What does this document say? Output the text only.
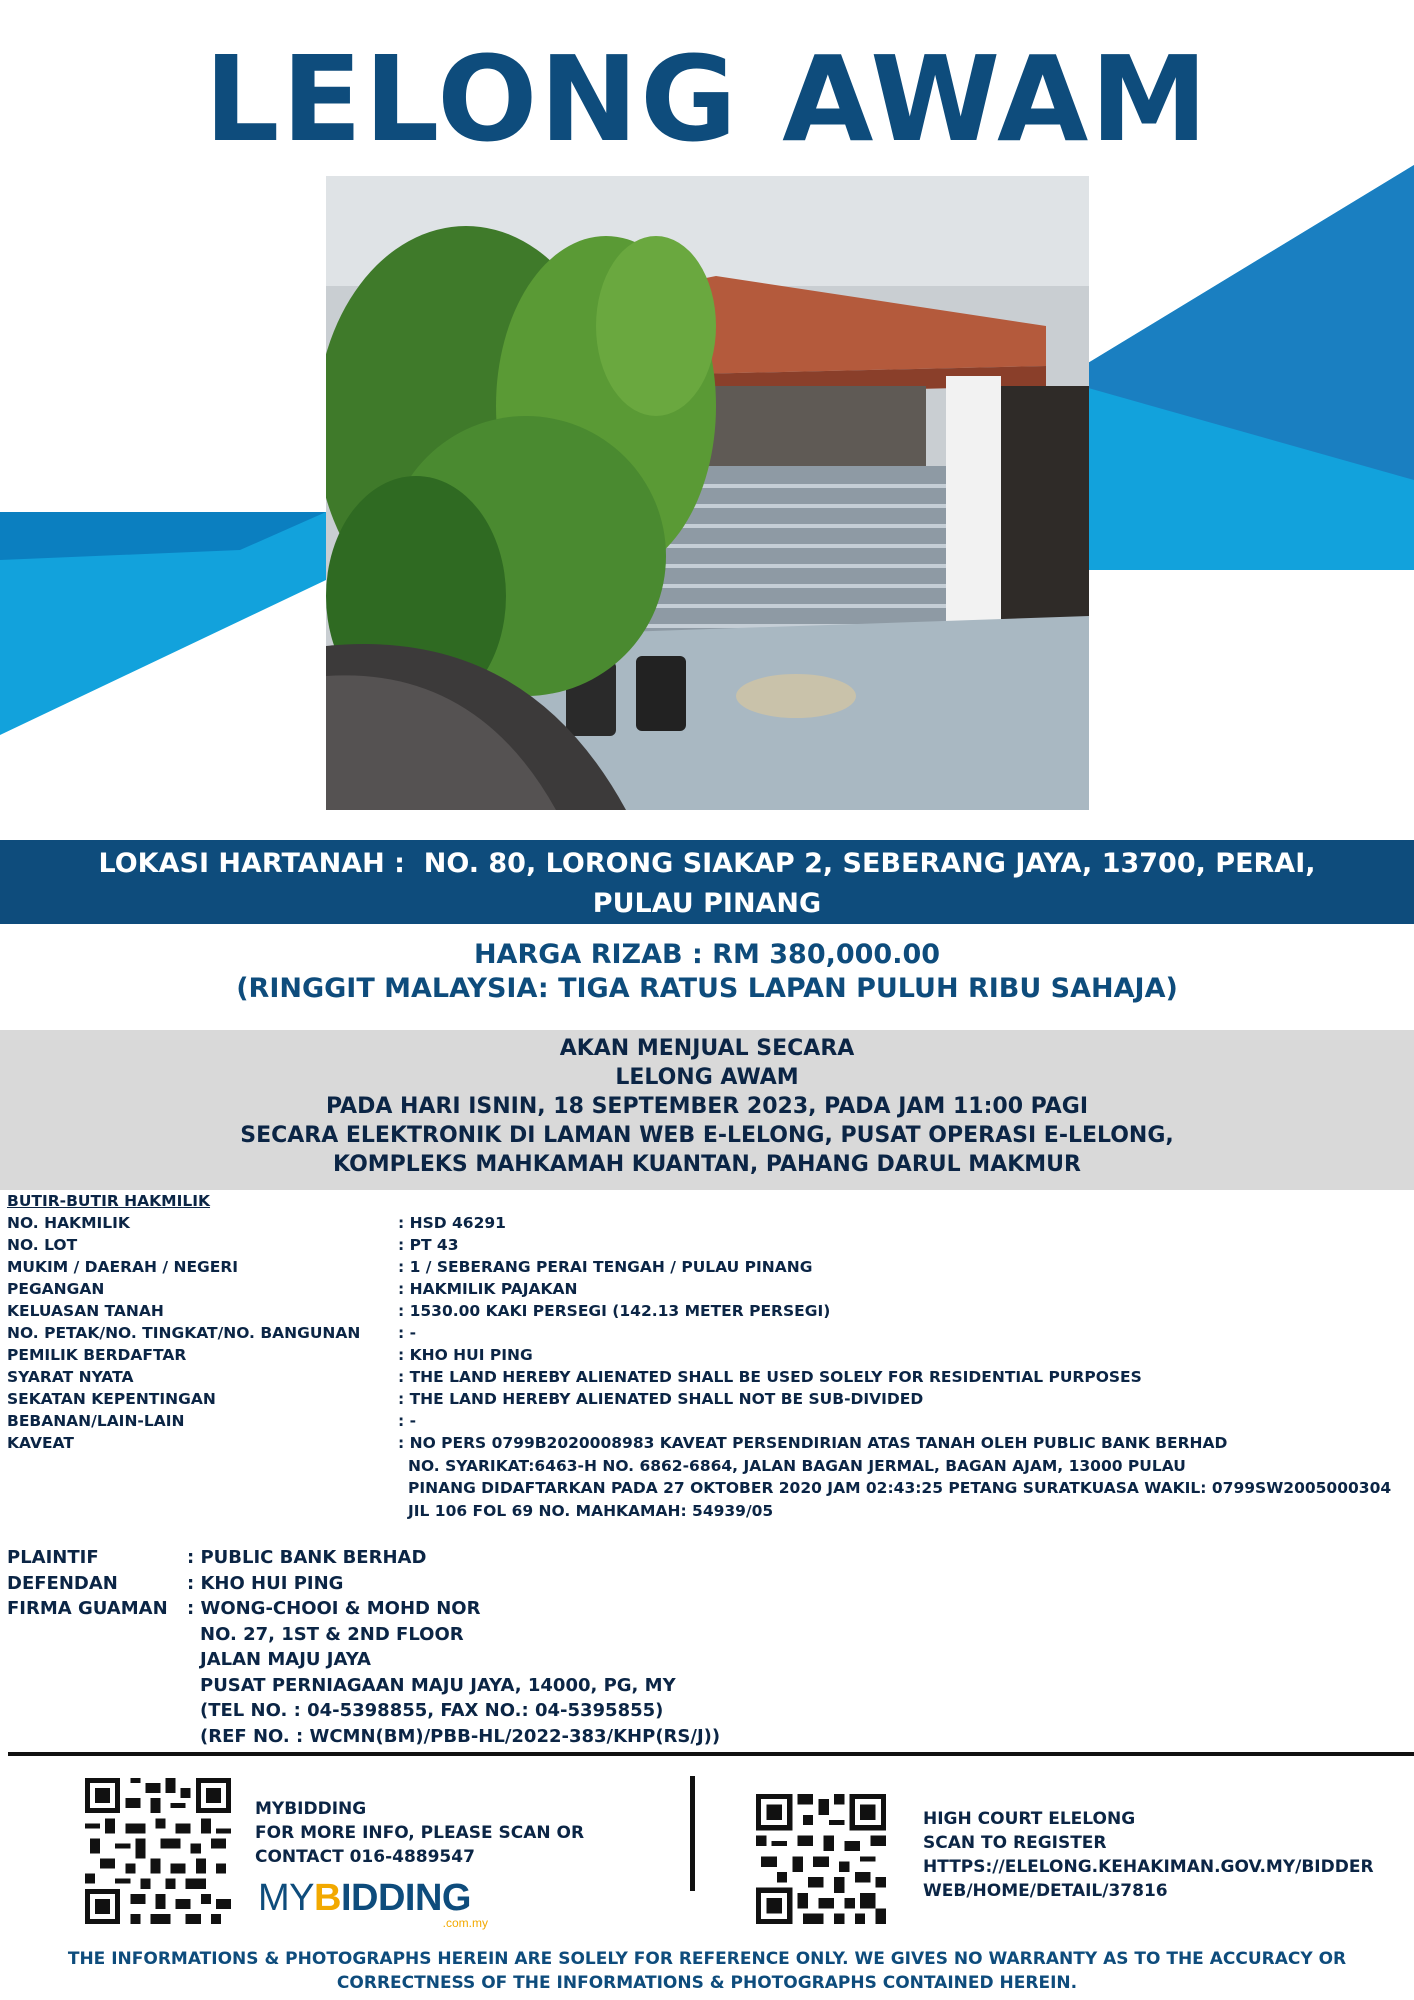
LELONG AWAM
LOKASI HARTANAH : NO. 80, LORONG SIAKAP 2, SEBERANG JAYA, 13700, PERAI, PULAU PINANG
HARGA RIZAB : RM 380,000.00
(RINGGIT MALAYSIA: TIGA RATUS LAPAN PULUH RIBU SAHAJA)
AKAN MENJUAL SECARA
LELONG AWAM
PADA HARI ISNIN, 18 SEPTEMBER 2023, PADA JAM 11:00 PAGI
SECARA ELEKTRONIK DI LAMAN WEB E-LELONG, PUSAT OPERASI E-LELONG,
KOMPLEKS MAHKAMAH KUANTAN, PAHANG DARUL MAKMUR
BUTIR-BUTIR HAKMILIK
NO. HAKMILIK	: HSD 46291
NO. LOT	: PT 43
MUKIM / DAERAH / NEGERI	: 1 / SEBERANG PERAI TENGAH / PULAU PINANG
PEGANGAN	: HAKMILIK PAJAKAN
KELUASAN TANAH	: 1530.00 KAKI PERSEGI (142.13 METER PERSEGI)
NO. PETAK/NO. TINGKAT/NO. BANGUNAN	: -
PEMILIK BERDAFTAR	: KHO HUI PING
SYARAT NYATA	: THE LAND HEREBY ALIENATED SHALL BE USED SOLELY FOR RESIDENTIAL PURPOSES
SEKATAN KEPENTINGAN	: THE LAND HEREBY ALIENATED SHALL NOT BE SUB-DIVIDED
BEBANAN/LAIN-LAIN	: -
KAVEAT	: NO PERS 0799B2020008983 KAVEAT PERSENDIRIAN ATAS TANAH OLEH PUBLIC BANK BERHAD
NO. SYARIKAT:6463-H NO. 6862-6864, JALAN BAGAN JERMAL, BAGAN AJAM, 13000 PULAU
PINANG DIDAFTARKAN PADA 27 OKTOBER 2020 JAM 02:43:25 PETANG SURATKUASA WAKIL: 0799SW2005000304
JIL 106 FOL 69 NO. MAHKAMAH: 54939/05
PLAINTIF	: PUBLIC BANK BERHAD
DEFENDAN	: KHO HUI PING
FIRMA GUAMAN	: WONG-CHOOI & MOHD NOR
NO. 27, 1ST & 2ND FLOOR
JALAN MAJU JAYA
PUSAT PERNIAGAAN MAJU JAYA, 14000, PG, MY
(TEL NO. : 04-5398855, FAX NO.: 04-5395855)
(REF NO. : WCMN(BM)/PBB-HL/2022-383/KHP(RS/J))
MYBIDDING
FOR MORE INFO, PLEASE SCAN OR
CONTACT 016-4889547
MYBIDDING
.com.my
HIGH COURT ELELONG
SCAN TO REGISTER
HTTPS://ELELONG.KEHAKIMAN.GOV.MY/BIDDERWEB/HOME/DETAIL/37816
THE INFORMATIONS & PHOTOGRAPHS HEREIN ARE SOLELY FOR REFERENCE ONLY. WE GIVES NO WARRANTY AS TO THE ACCURACY OR CORRECTNESS OF THE INFORMATIONS & PHOTOGRAPHS CONTAINED HEREIN.
